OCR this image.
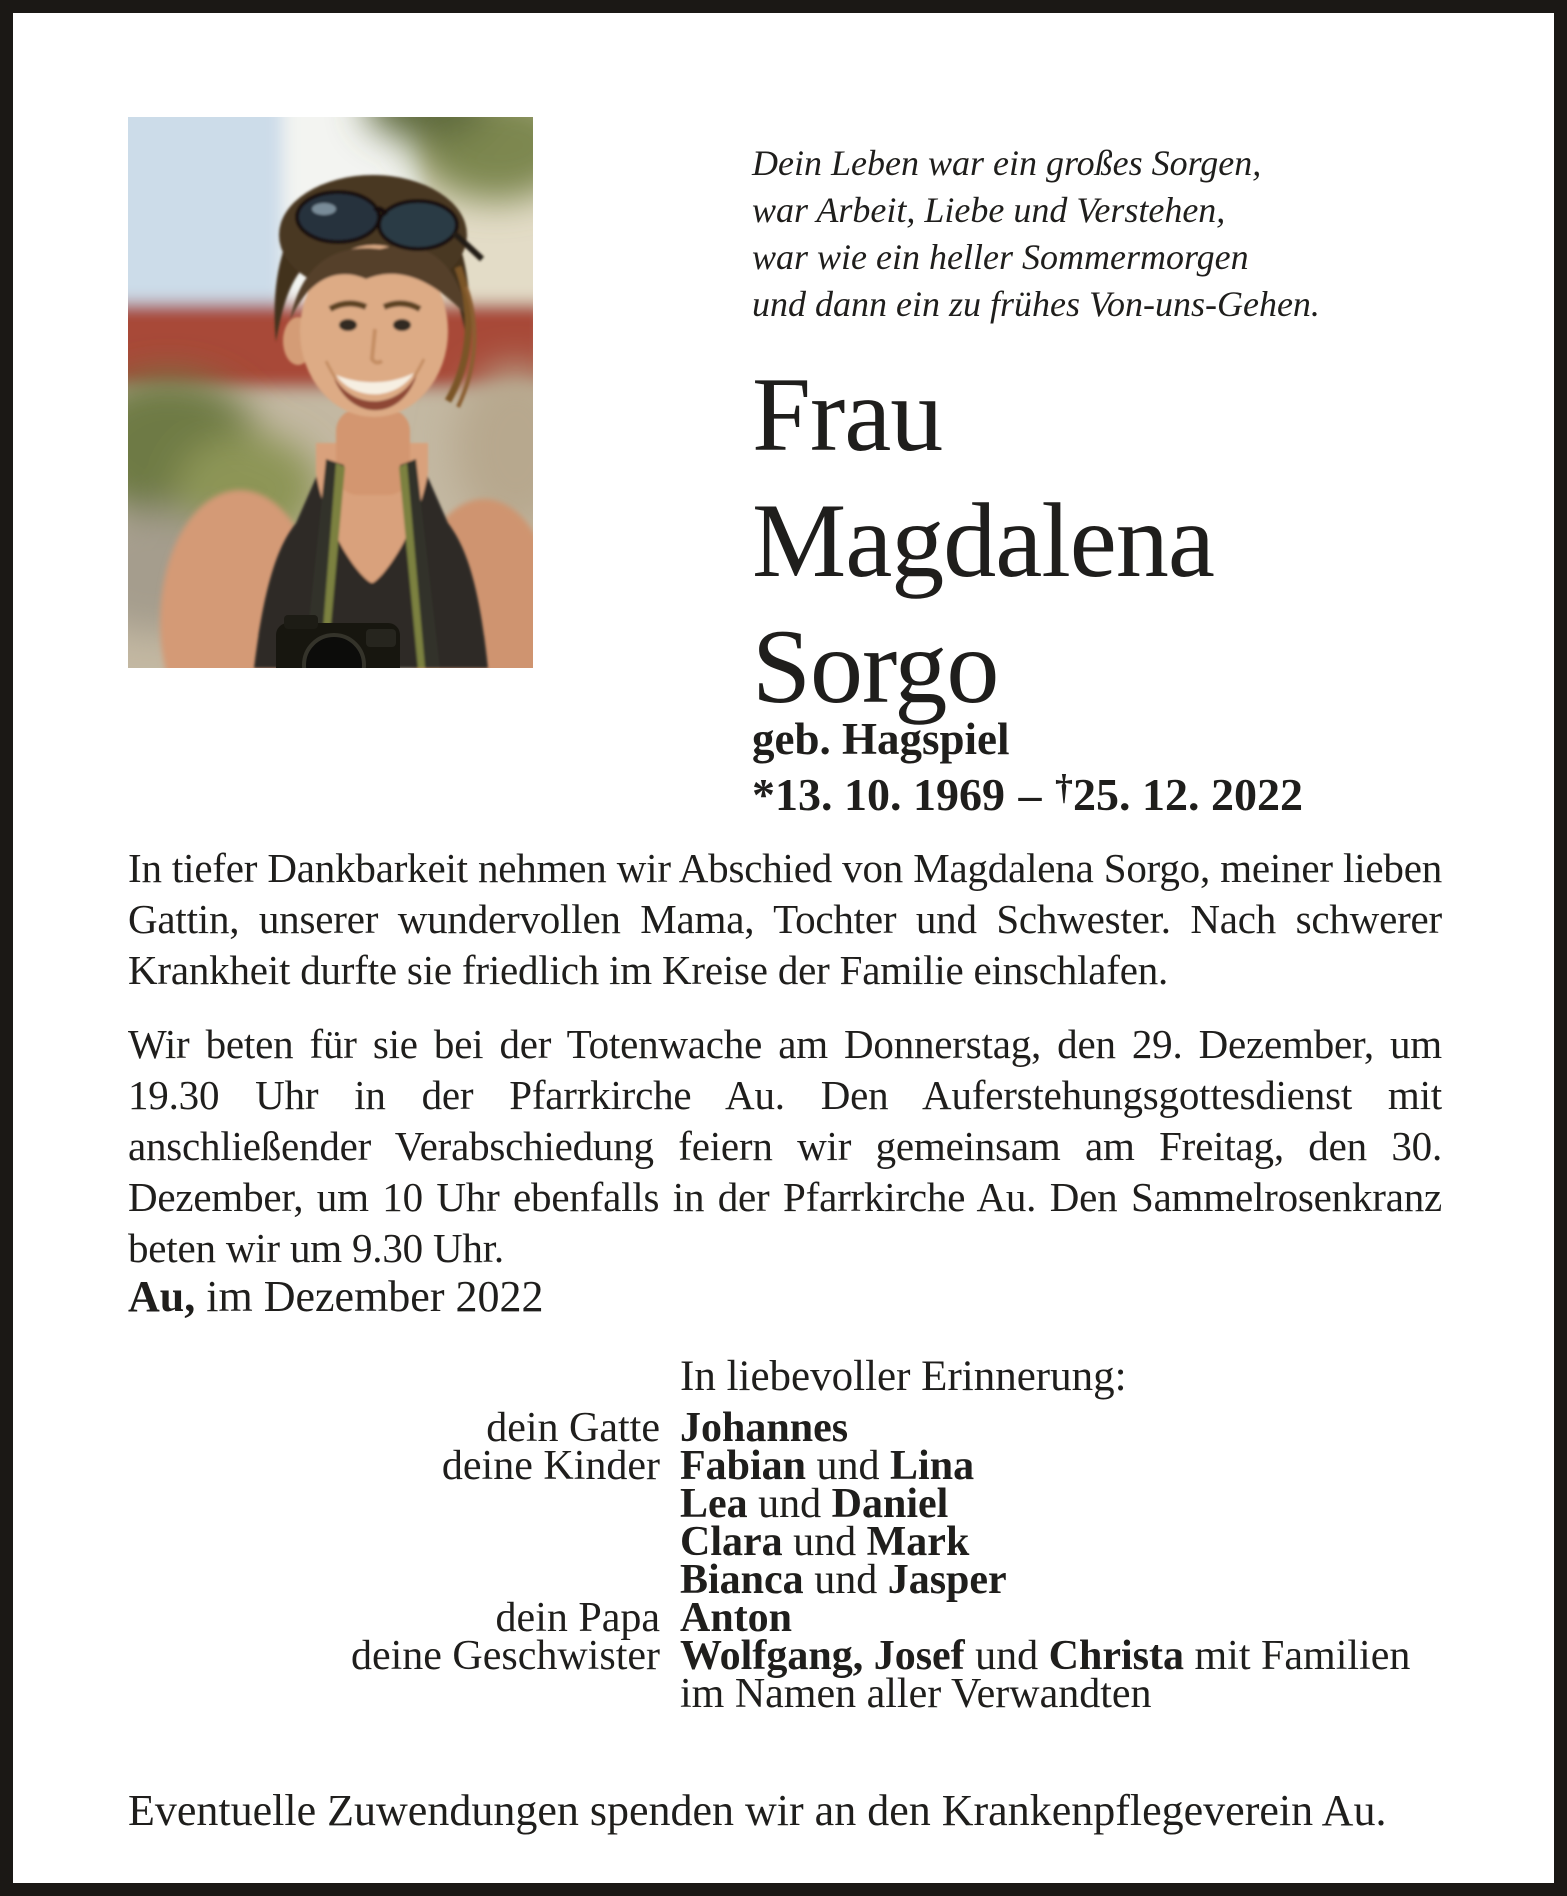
Dein Leben war ein großes Sorgen,
war Arbeit, Liebe und Verstehen,
war wie ein heller Sommermorgen
und dann ein zu frühes Von-uns-Gehen.
Frau
Magdalena
Sorgo
geb. Hagspiel
*13. 10. 1969 – †25. 12. 2022
In tiefer Dankbarkeit nehmen wir Abschied von Magdalena Sorgo, meiner lieben Gattin, unserer wundervollen Mama, Tochter und Schwester. Nach schwerer Krankheit durfte sie friedlich im Kreise der Familie einschlafen.
Wir beten für sie bei der Totenwache am Donnerstag, den 29. Dezember, um 19.30 Uhr in der Pfarrkirche Au. Den Auferstehungsgottesdienst mit anschließender Verabschiedung feiern wir gemeinsam am Freitag, den 30. Dezember, um 10 Uhr ebenfalls in der Pfarrkirche Au. Den Sammelrosenkranz beten wir um 9.30 Uhr.
Au, im Dezember 2022
In liebevoller Erinnerung:
dein Gatte Johannes
deine Kinder Fabian und Lina
Lea und Daniel
Clara und Mark
Bianca und Jasper
dein Papa Anton
deine Geschwister Wolfgang, Josef und Christa mit Familien
im Namen aller Verwandten
Eventuelle Zuwendungen spenden wir an den Krankenpflegeverein Au.
